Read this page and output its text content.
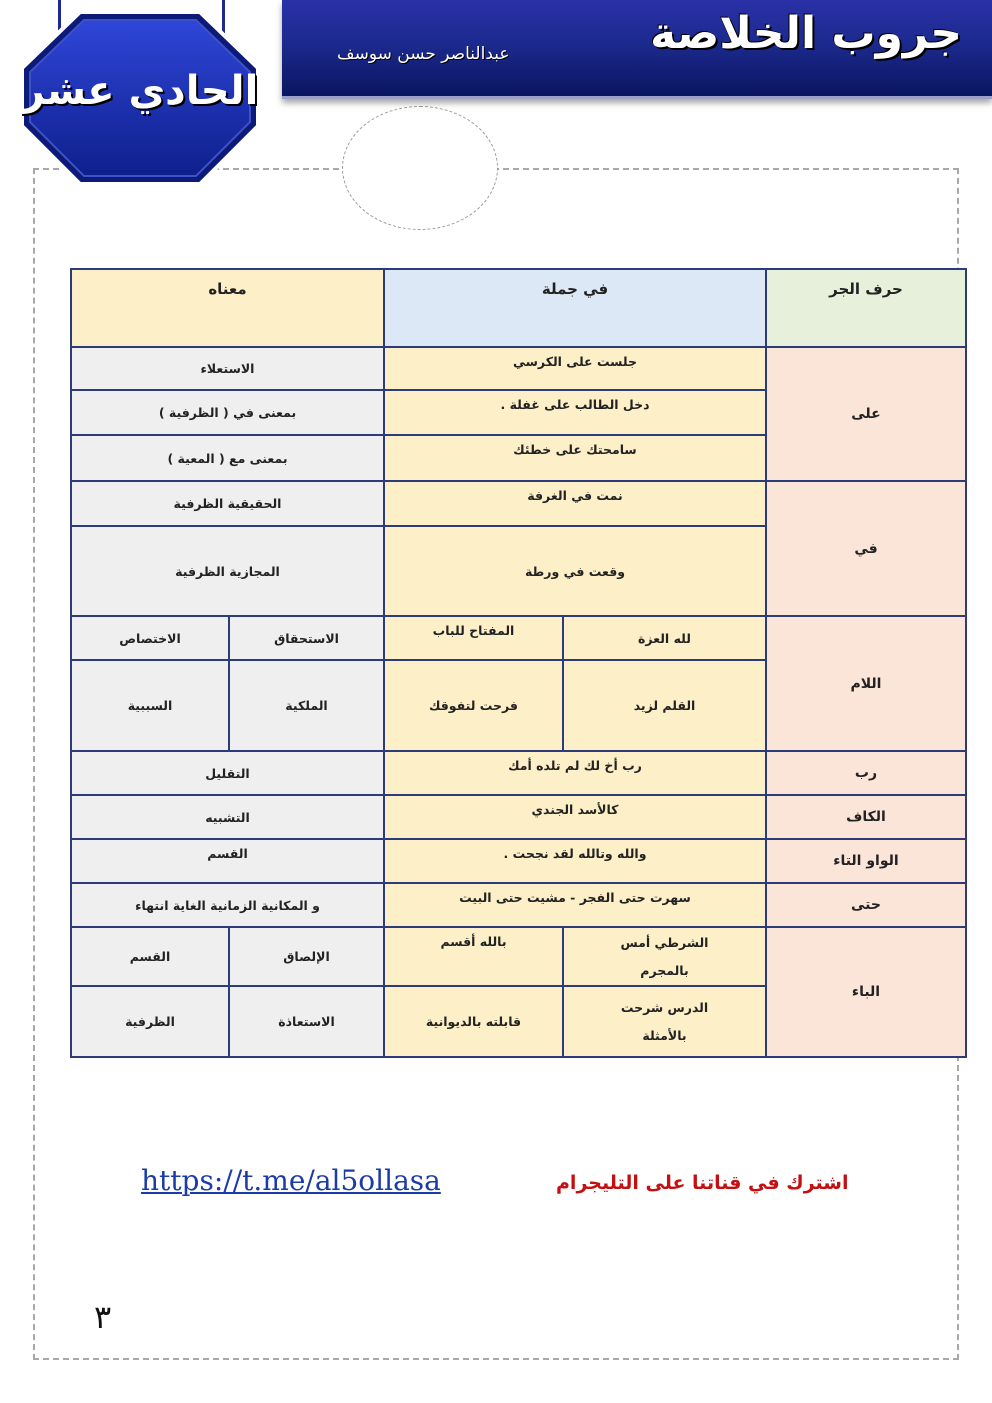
جروب الخلاصة
عبدالناصر حسن سوسف
الحادي عشر
معناه		في جملة		حرف الجر
الاستعلاء		جلست على الكرسي		على
بمعنى في ( الظرفية )		دخل الطالب على غفلة .		
بمعنى مع ( المعية )		سامحتك على خطئك		
الحقيقية الظرفية		نمت في الغرفة		في
المجازية الظرفية		وقعت في ورطة		
الاختصاص	الاستحقاق	المفتاح للباب	لله العزة	اللام
السببية	الملكية	فرحت لتفوقك	القلم لزيد	
التقليل		رب أخ لك لم تلده أمك		رب
التشبيه		كالأسد الجندي		الكاف
القسم		والله وتالله لقد نجحت .		الواو التاء
و المكانية الزمانية الغاية انتهاء		سهرت حتى الفجر - مشيت حتى البيت		حتى
القسم	الإلصاق	بالله أقسم	الشرطي أمس بالمجرم	الباء
الظرفية	الاستعاذة	قابلته بالديوانية	الدرس شرحت بالأمثلة	
https://t.me/al5ollasa	اشترك في قناتنا على التليجرام
٣
